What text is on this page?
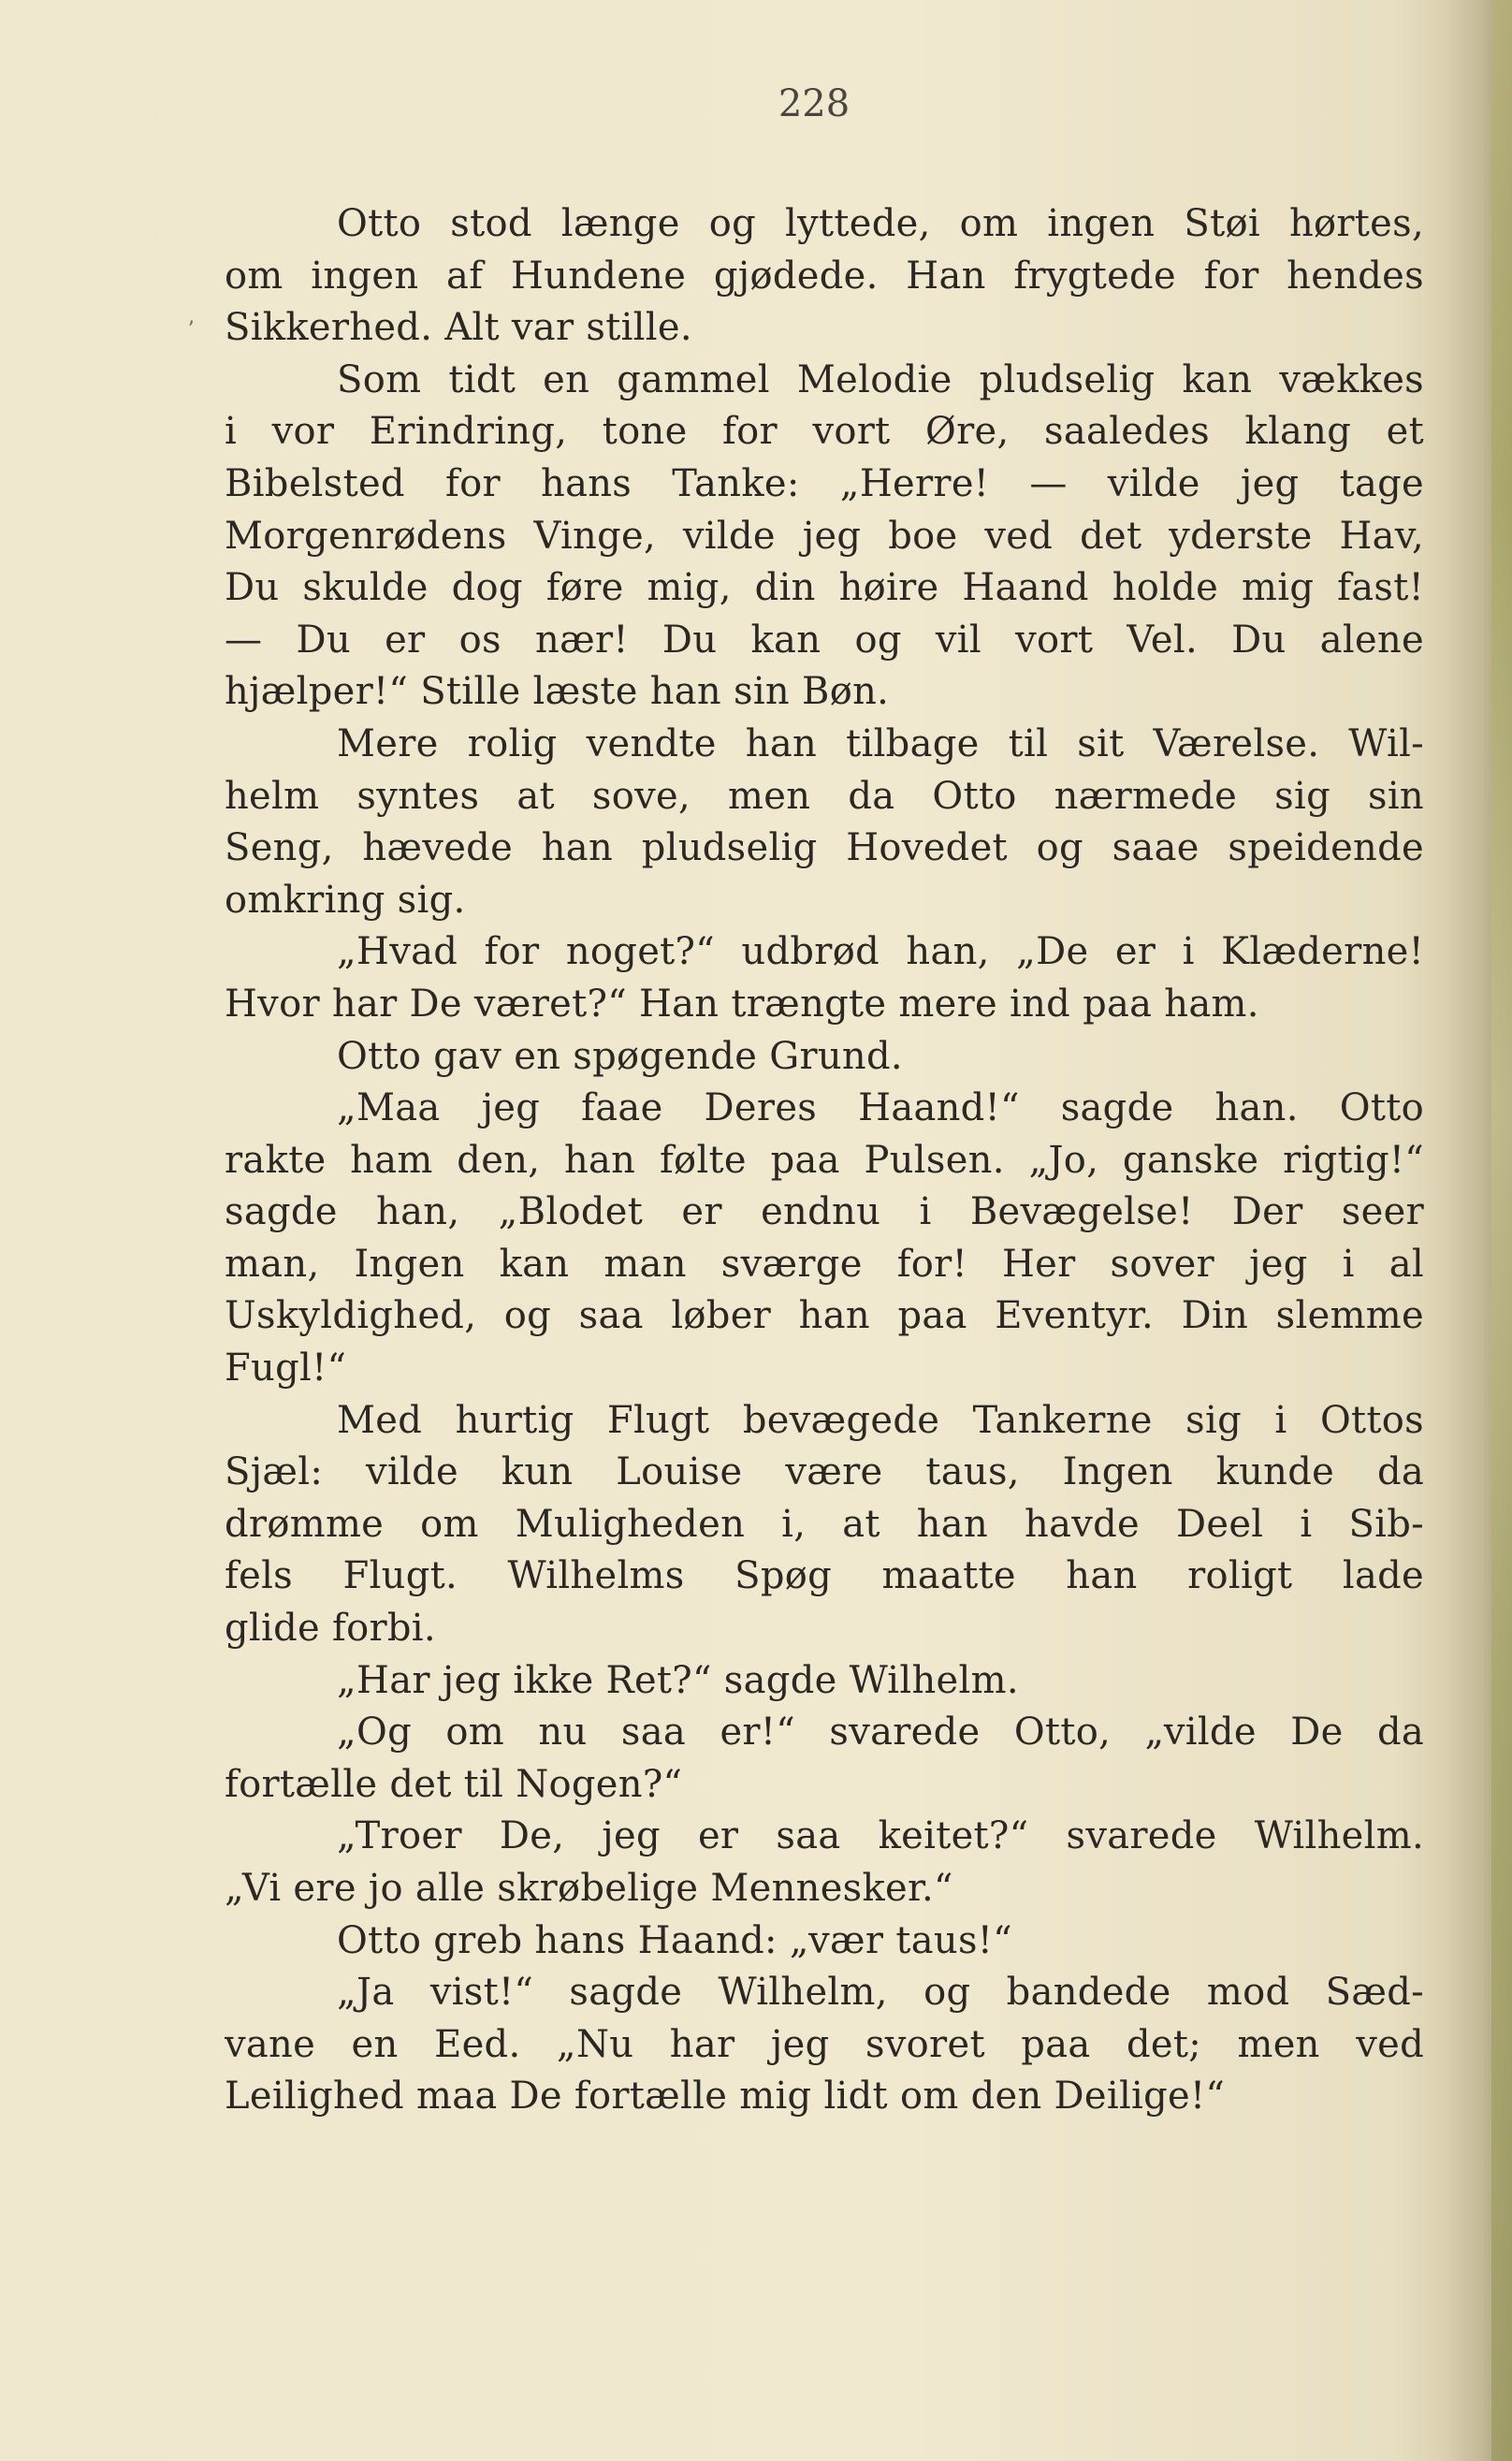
228
ʼ
Otto stod længe og lyttede, om ingen Støi hørtes,
om ingen af Hundene gjødede. Han frygtede for hendes
Sikkerhed. Alt var stille.
Som tidt en gammel Melodie pludselig kan vækkes
i vor Erindring, tone for vort Øre, saaledes klang et
Bibelsted for hans Tanke: „Herre! — vilde jeg tage
Morgenrødens Vinge, vilde jeg boe ved det yderste Hav,
Du skulde dog føre mig, din høire Haand holde mig fast!
— Du er os nær! Du kan og vil vort Vel. Du alene
hjælper!“ Stille læste han sin Bøn.
Mere rolig vendte han tilbage til sit Værelse. Wil-
helm syntes at sove, men da Otto nærmede sig sin
Seng, hævede han pludselig Hovedet og saae speidende
omkring sig.
„Hvad for noget?“ udbrød han, „De er i Klæderne!
Hvor har De været?“ Han trængte mere ind paa ham.
Otto gav en spøgende Grund.
„Maa jeg faae Deres Haand!“ sagde han. Otto
rakte ham den, han følte paa Pulsen. „Jo, ganske rigtig!“
sagde han, „Blodet er endnu i Bevægelse! Der seer
man, Ingen kan man sværge for! Her sover jeg i al
Uskyldighed, og saa løber han paa Eventyr. Din slemme
Fugl!“
Med hurtig Flugt bevægede Tankerne sig i Ottos
Sjæl: vilde kun Louise være taus, Ingen kunde da
drømme om Muligheden i, at han havde Deel i Sib-
fels Flugt. Wilhelms Spøg maatte han roligt lade
glide forbi.
„Har jeg ikke Ret?“ sagde Wilhelm.
„Og om nu saa er!“ svarede Otto, „vilde De da
fortælle det til Nogen?“
„Troer De, jeg er saa keitet?“ svarede Wilhelm.
„Vi ere jo alle skrøbelige Mennesker.“
Otto greb hans Haand: „vær taus!“
„Ja vist!“ sagde Wilhelm, og bandede mod Sæd-
vane en Eed. „Nu har jeg svoret paa det; men ved
Leilighed maa De fortælle mig lidt om den Deilige!“
